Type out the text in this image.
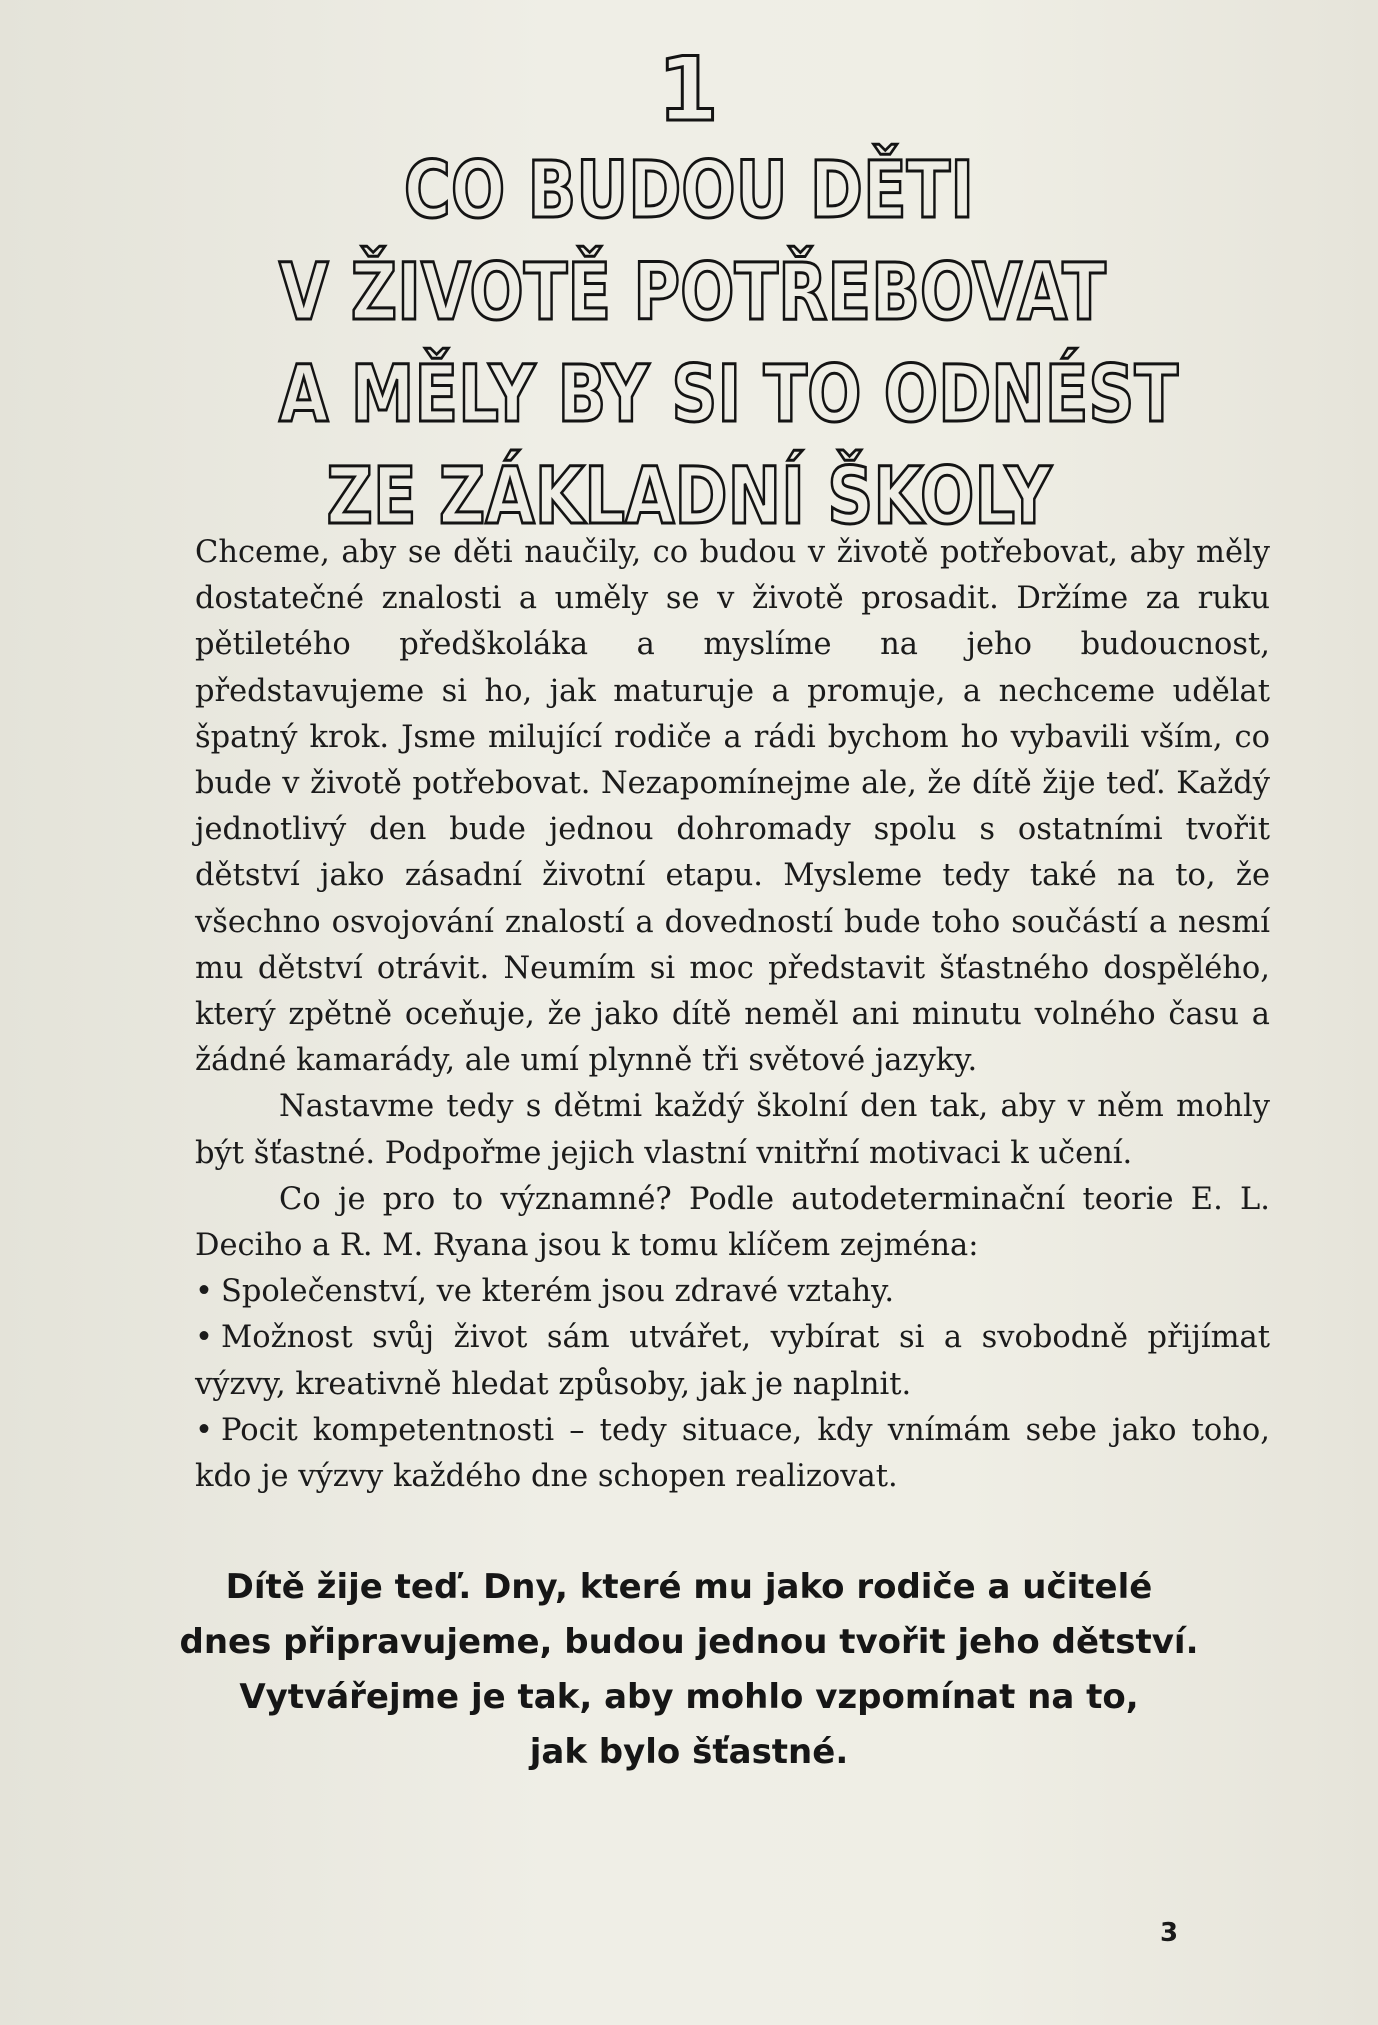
1
CO BUDOU DĚTI
V ŽIVOTĚ POTŘEBOVAT
A MĚLY BY SI TO ODNÉST
ZE ZÁKLADNÍ ŠKOLY

Chceme, aby se děti naučily, co budou v životě potřebovat, aby měly dostatečné znalosti a uměly se v životě prosadit. Držíme za ruku pětiletého předškoláka a myslíme na jeho budoucnost, představujeme si ho, jak maturuje a promuje, a nechceme udělat špatný krok. Jsme milující rodiče a rádi bychom ho vybavili vším, co bude v životě potřebovat. Nezapomínejme ale, že dítě žije teď. Každý jednotlivý den bude jednou dohromady spolu s ostatními tvořit dětství jako zásadní životní etapu. Mysleme tedy také na to, že všechno osvojování znalostí a dovedností bude toho součástí a nesmí mu dětství otrávit. Neumím si moc představit šťastného dospělého, který zpětně oceňuje, že jako dítě neměl ani minutu volného času a žádné kamarády, ale umí plynně tři světové jazyky.

Nastavme tedy s dětmi každý školní den tak, aby v něm mohly být šťastné. Podpořme jejich vlastní vnitřní motivaci k učení.

Co je pro to významné? Podle autodeterminační teorie E. L. Deciho a R. M. Ryana jsou k tomu klíčem zejména:

• Společenství, ve kterém jsou zdravé vztahy.
• Možnost svůj život sám utvářet, vybírat si a svobodně přijímat výzvy, kreativně hledat způsoby, jak je naplnit.
• Pocit kompetentnosti – tedy situace, kdy vnímám sebe jako toho, kdo je výzvy každého dne schopen realizovat.
Dítě žije teď. Dny, které mu jako rodiče a učitelé
dnes připravujeme, budou jednou tvořit jeho dětství.
Vytvářejme je tak, aby mohlo vzpomínat na to,
jak bylo šťastné.
3
